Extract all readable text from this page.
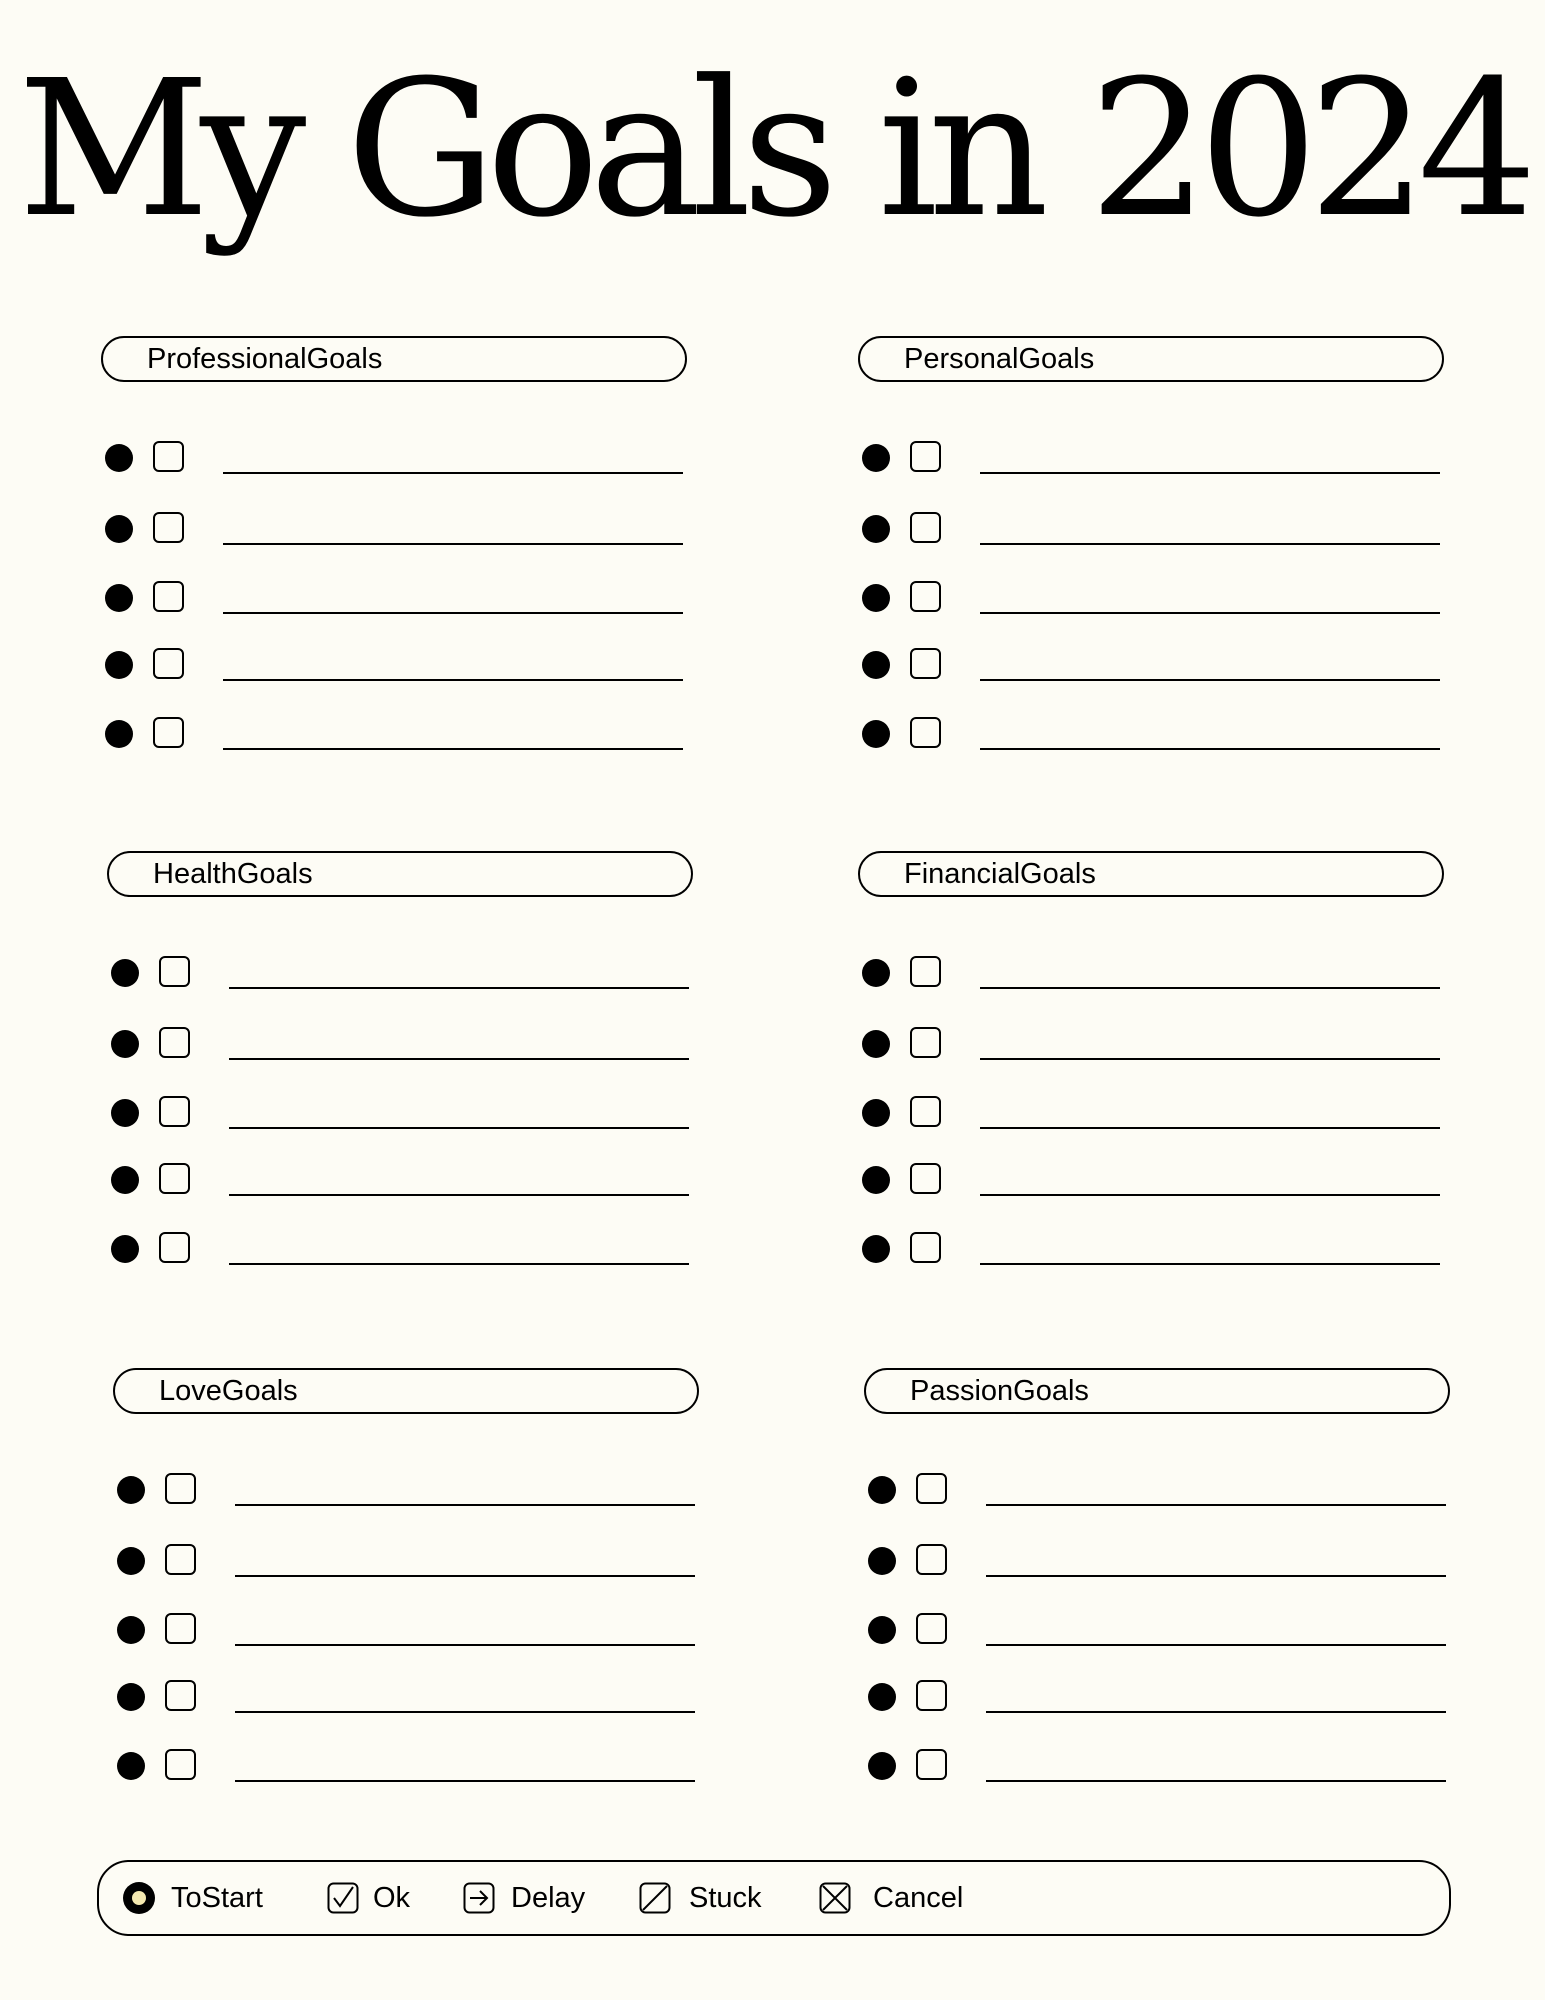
My Goals in 2024
ProfessionalGoals	PersonalGoals
HealthGoals	FinancialGoals
LoveGoals	PassionGoals
ToStart	Ok	Delay	Stuck	Cancel
